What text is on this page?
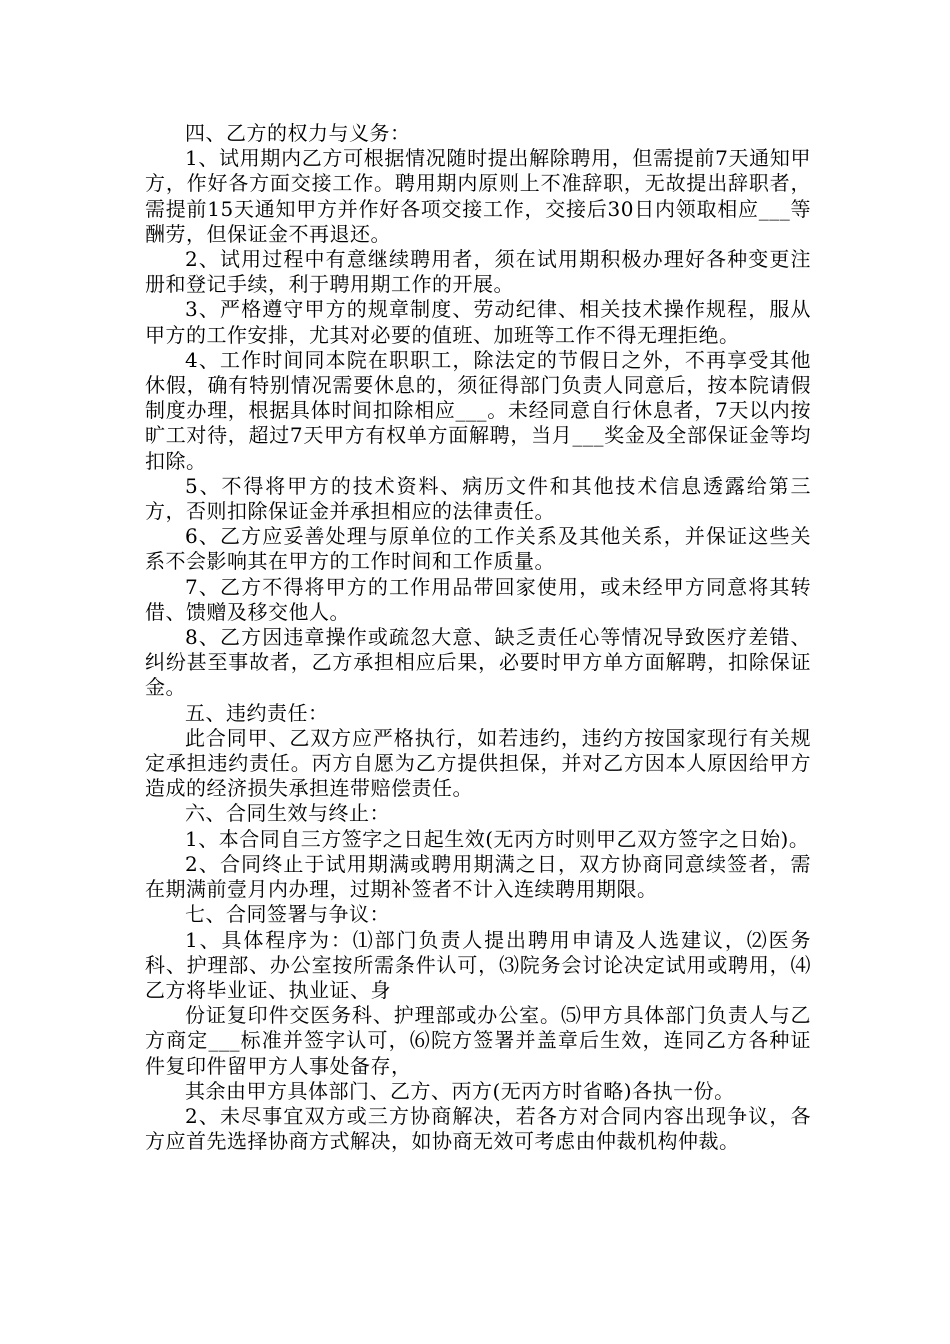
四、乙方的权力与义务：

1、试用期内乙方可根据情况随时提出解除聘用，但需提前7天通知甲方，作好各方面交接工作。聘用期内原则上不准辞职，无故提出辞职者，需提前15天通知甲方并作好各项交接工作，交接后30日内领取相应___等酬劳，但保证金不再退还。

2、试用过程中有意继续聘用者，须在试用期积极办理好各种变更注册和登记手续，利于聘用期工作的开展。

3、严格遵守甲方的规章制度、劳动纪律、相关技术操作规程，服从甲方的工作安排，尤其对必要的值班、加班等工作不得无理拒绝。

4、工作时间同本院在职职工，除法定的节假日之外，不再享受其他休假，确有特别情况需要休息的，须征得部门负责人同意后，按本院请假制度办理，根据具体时间扣除相应___。未经同意自行休息者，7天以内按旷工对待，超过7天甲方有权单方面解聘，当月___奖金及全部保证金等均扣除。

5、不得将甲方的技术资料、病历文件和其他技术信息透露给第三方，否则扣除保证金并承担相应的法律责任。

6、乙方应妥善处理与原单位的工作关系及其他关系，并保证这些关系不会影响其在甲方的工作时间和工作质量。

7、乙方不得将甲方的工作用品带回家使用，或未经甲方同意将其转借、馈赠及移交他人。

8、乙方因违章操作或疏忽大意、缺乏责任心等情况导致医疗差错、纠纷甚至事故者，乙方承担相应后果，必要时甲方单方面解聘，扣除保证金。

五、违约责任：

此合同甲、乙双方应严格执行，如若违约，违约方按国家现行有关规定承担违约责任。丙方自愿为乙方提供担保，并对乙方因本人原因给甲方造成的经济损失承担连带赔偿责任。

六、合同生效与终止：

1、本合同自三方签字之日起生效(无丙方时则甲乙双方签字之日始)。

2、合同终止于试用期满或聘用期满之日，双方协商同意续签者，需在期满前壹月内办理，过期补签者不计入连续聘用期限。

七、合同签署与争议：

1、具体程序为：⑴部门负责人提出聘用申请及人选建议，⑵医务科、护理部、办公室按所需条件认可，⑶院务会讨论决定试用或聘用，⑷乙方将毕业证、执业证、身

份证复印件交医务科、护理部或办公室。⑸甲方具体部门负责人与乙方商定___标准并签字认可，⑹院方签署并盖章后生效，连同乙方各种证件复印件留甲方人事处备存，

其余由甲方具体部门、乙方、丙方(无丙方时省略)各执一份。

2、未尽事宜双方或三方协商解决，若各方对合同内容出现争议，各方应首先选择协商方式解决，如协商无效可考虑由仲裁机构仲裁。
